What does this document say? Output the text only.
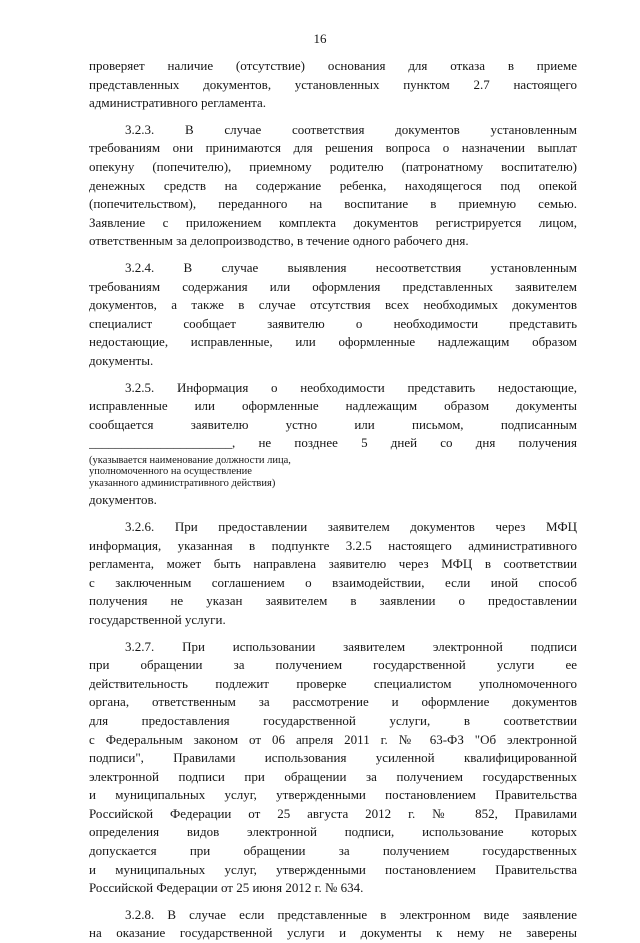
16
проверяет наличие (отсутствие) основания для отказа в приеме
представленных документов, установленных пунктом 2.7 настоящего
административного регламента.
3.2.3. В случае соответствия документов установленным
требованиям они принимаются для решения вопроса о назначении выплат
опекуну (попечителю), приемному родителю (патронатному воспитателю)
денежных средств на содержание ребенка, находящегося под опекой
(попечительством), переданного на воспитание в приемную семью.
Заявление с приложением комплекта документов регистрируется лицом,
ответственным за делопроизводство, в течение одного рабочего дня.
3.2.4. В случае выявления несоответствия установленным
требованиям содержания или оформления представленных заявителем
документов, а также в случае отсутствия всех необходимых документов
специалист сообщает заявителю о необходимости представить
недостающие, исправленные, или оформленные надлежащим образом
документы.
3.2.5. Информация о необходимости представить недостающие,
исправленные или оформленные надлежащим образом документы
сообщается заявителю устно или письмом, подписанным
______________________, не позднее 5 дней со дня получения
(указывается наименование должности лица,
уполномоченного на осуществление
указанного административного действия)
документов.
3.2.6. При предоставлении заявителем документов через МФЦ
информация, указанная в подпункте 3.2.5 настоящего административного
регламента, может быть направлена заявителю через МФЦ в соответствии
с заключенным соглашением о взаимодействии, если иной способ
получения не указан заявителем в заявлении о предоставлении
государственной услуги.
3.2.7. При использовании заявителем электронной подписи
при обращении за получением государственной услуги ее
действительность подлежит проверке специалистом уполномоченного
органа, ответственным за рассмотрение и оформление документов
для предоставления государственной услуги, в соответствии
с Федеральным законом от 06 апреля 2011 г. № 63-ФЗ "Об электронной
подписи", Правилами использования усиленной квалифицированной
электронной подписи при обращении за получением государственных
и муниципальных услуг, утвержденными постановлением Правительства
Российской Федерации от 25 августа 2012 г. № 852, Правилами
определения видов электронной подписи, использование которых
допускается при обращении за получением государственных
и муниципальных услуг, утвержденными постановлением Правительства
Российской Федерации от 25 июня 2012 г. № 634.
3.2.8. В случае если представленные в электронном виде заявление
на оказание государственной услуги и документы к нему не заверены
